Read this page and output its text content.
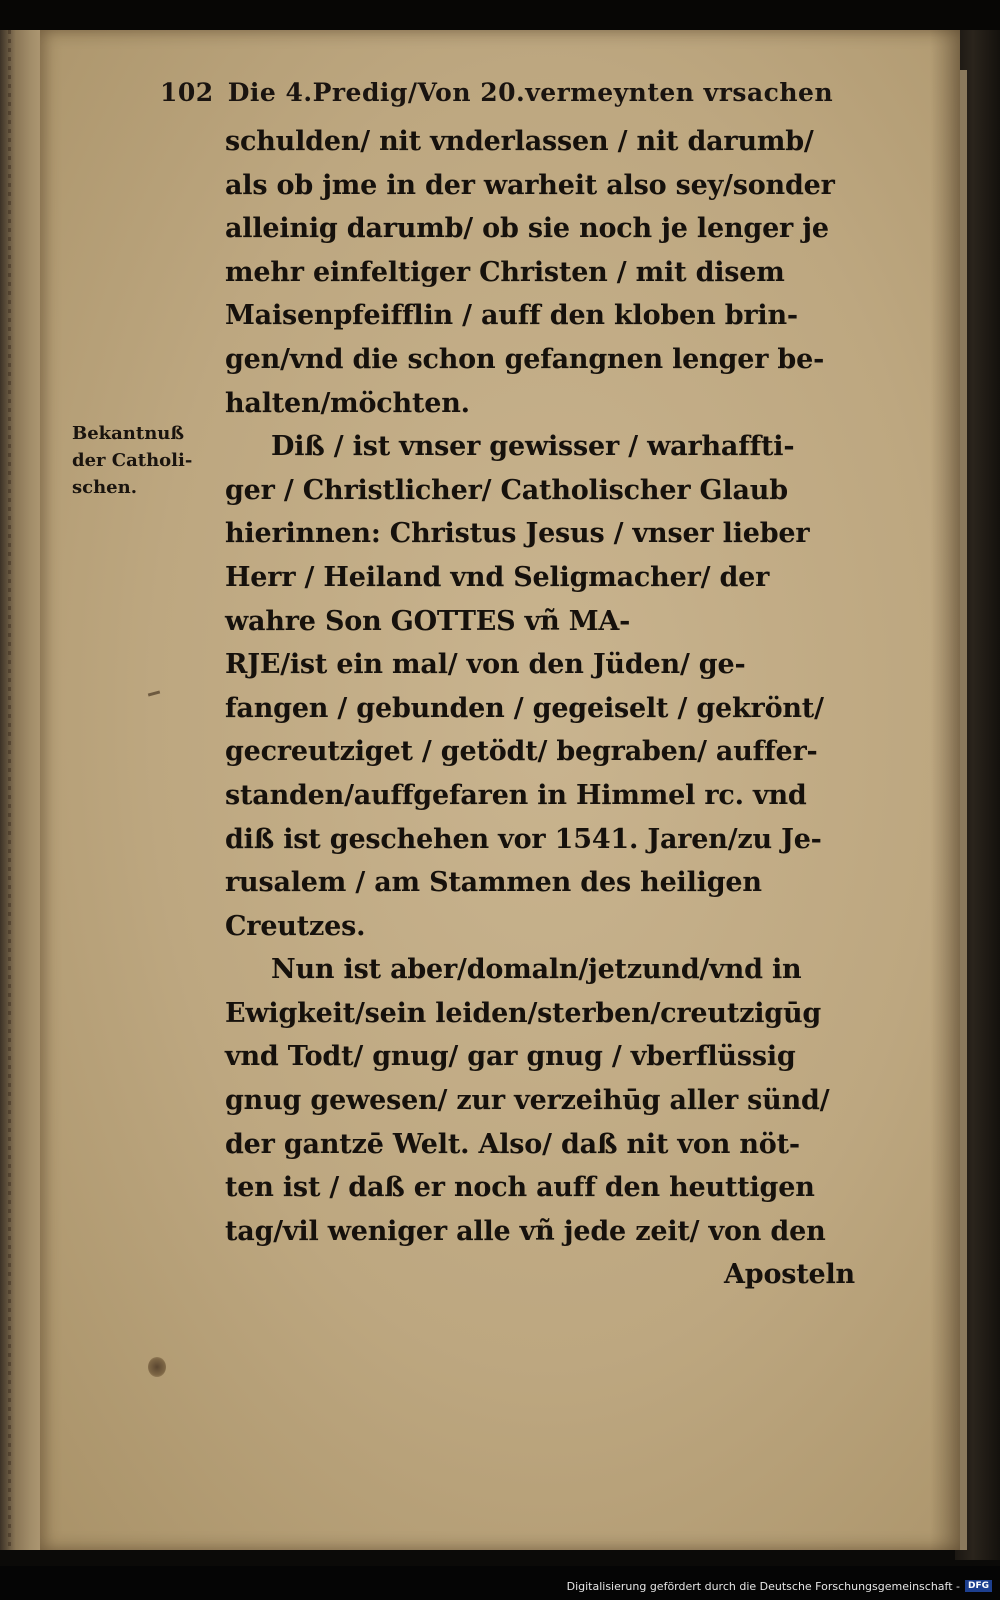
102 Die 4.Predig/Von 20.vermeynten vrsachen
Bekantnuß
der Catholi-
schen.
schulden/ nit vnderlassen / nit darumb/
als ob jme in der warheit also sey/sonder
alleinig darumb/ ob sie noch je lenger je
mehr einfeltiger Christen / mit disem
Maisenpfeifflin / auff den kloben brin-
gen/vnd die schon gefangnen lenger be-
halten/möchten.
Diß / ist vnser gewisser / warhaffti-
ger / Christlicher/ Catholischer Glaub
hierinnen: Christus Jesus / vnser lieber
Herr / Heiland vnd Seligmacher/ der
wahre Son GOTTES vñ MA-
RJE/ist ein mal/ von den Jüden/ ge-
fangen / gebunden / gegeiselt / gekrönt/
gecreutziget / getödt/ begraben/ auffer-
standen/auffgefaren in Himmel rc. vnd
diß ist geschehen vor 1541. Jaren/zu Je-
rusalem / am Stammen des heiligen
Creutzes.
Nun ist aber/domaln/jetzund/vnd in
Ewigkeit/sein leiden/sterben/creutzigūg
vnd Todt/ gnug/ gar gnug / vberflüssig
gnug gewesen/ zur verzeihūg aller sünd/
der gantzē Welt. Also/ daß nit von nöt-
ten ist / daß er noch auff den heuttigen
tag/vil weniger alle vñ jede zeit/ von den
Aposteln
Digitalisierung gefördert durch die Deutsche Forschungsgemeinschaft - DFG
